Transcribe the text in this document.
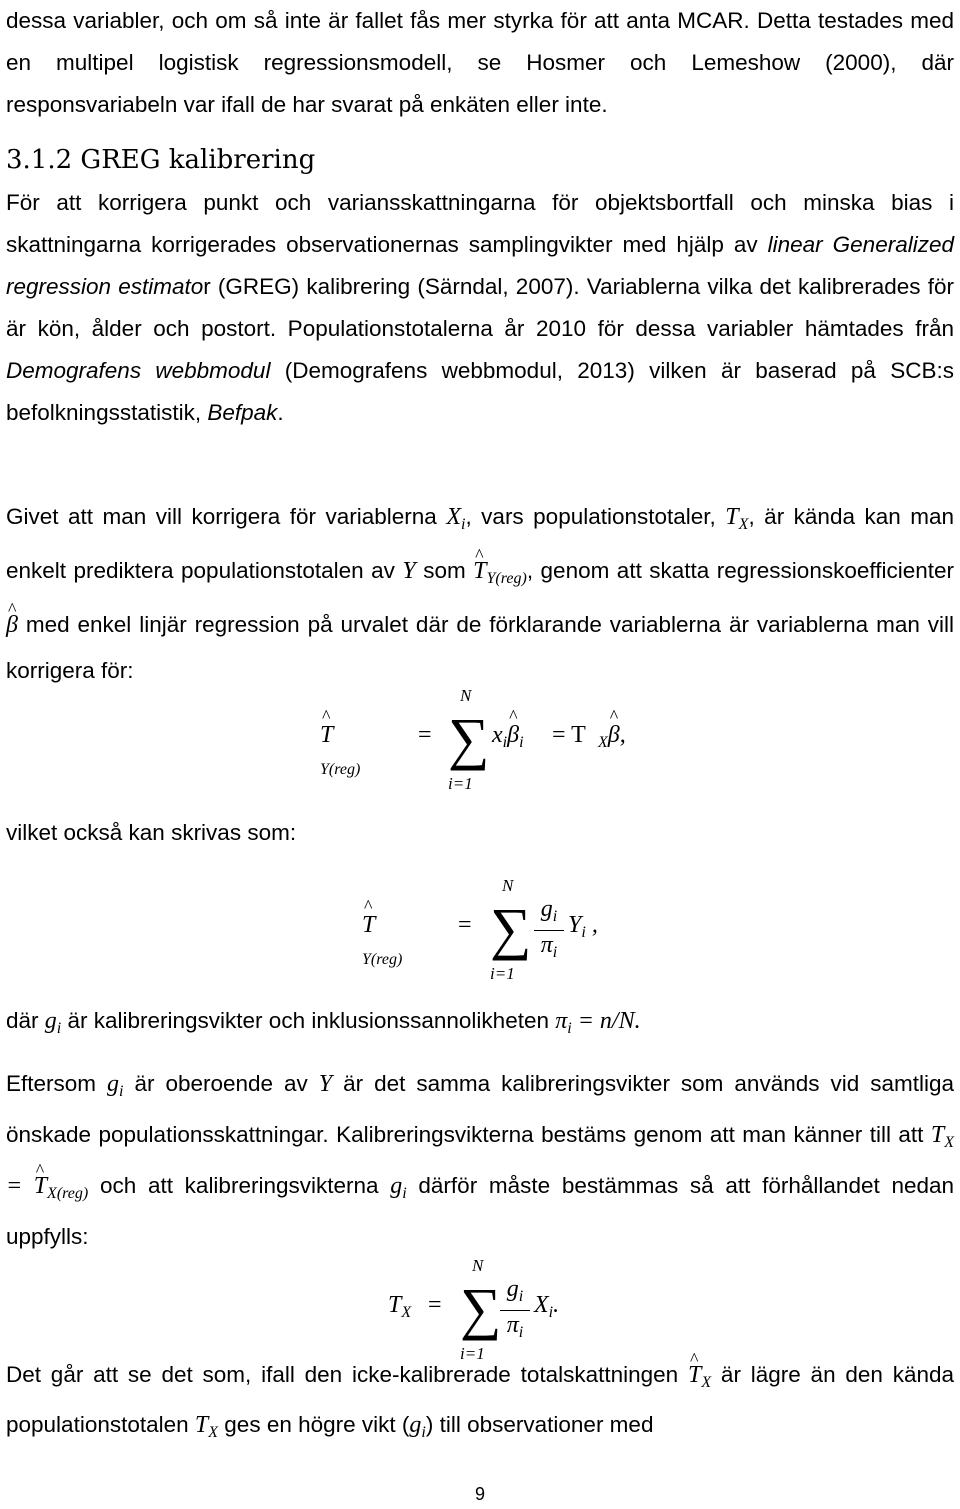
dessa variabler, och om så inte är fallet fås mer styrka för att anta MCAR. Detta testades med en multipel logistisk regressionsmodell, se Hosmer och Lemeshow (2000), där responsvariabeln var ifall de har svarat på enkäten eller inte.
3.1.2 GREG kalibrering
För att korrigera punkt och variansskattningarna för objektsbortfall och minska bias i skattningarna korrigerades observationernas samplingvikter med hjälp av linear Generalized regression estimator (GREG) kalibrering (Särndal, 2007). Variablerna vilka det kalibrerades för är kön, ålder och postort. Populationstotalerna år 2010 för dessa variabler hämtades från Demografens webbmodul (Demografens webbmodul, 2013) vilken är baserad på SCB:s befolkningsstatistik, Befpak.
Givet att man vill korrigera för variablerna $X_i$, vars populationstotaler, $T_X$, är kända kan man enkelt prediktera populationstotalen av Y som ^ $T_{Y(reg)}$, genom att skatta regressionskoefficienter ^ β med enkel linjär regression på urvalet där de förklarande variablerna är variablerna man vill korrigera för:
^ $T_{Y(reg)}$
=
N
∑
i=1
$x_i\^{}$ $\beta_i = T$ $_X$^ β,
vilket också kan skrivas som:
^ $T_{Y(reg)}$
=
N
∑
i=1
$g_i$
$\pi_i$
$Y_i$ ,
där $g_i$ är kalibreringsvikter och inklusionssannolikheten $\pi_i = n/N$.
Eftersom $g_i$ är oberoende av Y är det samma kalibreringsvikter som används vid samtliga önskade populationsskattningar. Kalibreringsvikterna bestäms genom att man känner till att $T_X$ = ^ $T_{X(reg)}$ och att kalibreringsvikterna $g_i$ därför måste bestämmas så att förhållandet nedan uppfylls:
$T_X$ =
N
∑
i=1
$g_i$
$\pi_i$
$X_i$.
Det går att se det som, ifall den icke-kalibrerade totalskattningen ^ $T_X$ är lägre än den kända populationstotalen $T_X$ ges en högre vikt $(g_i)$ till observationer med
9
